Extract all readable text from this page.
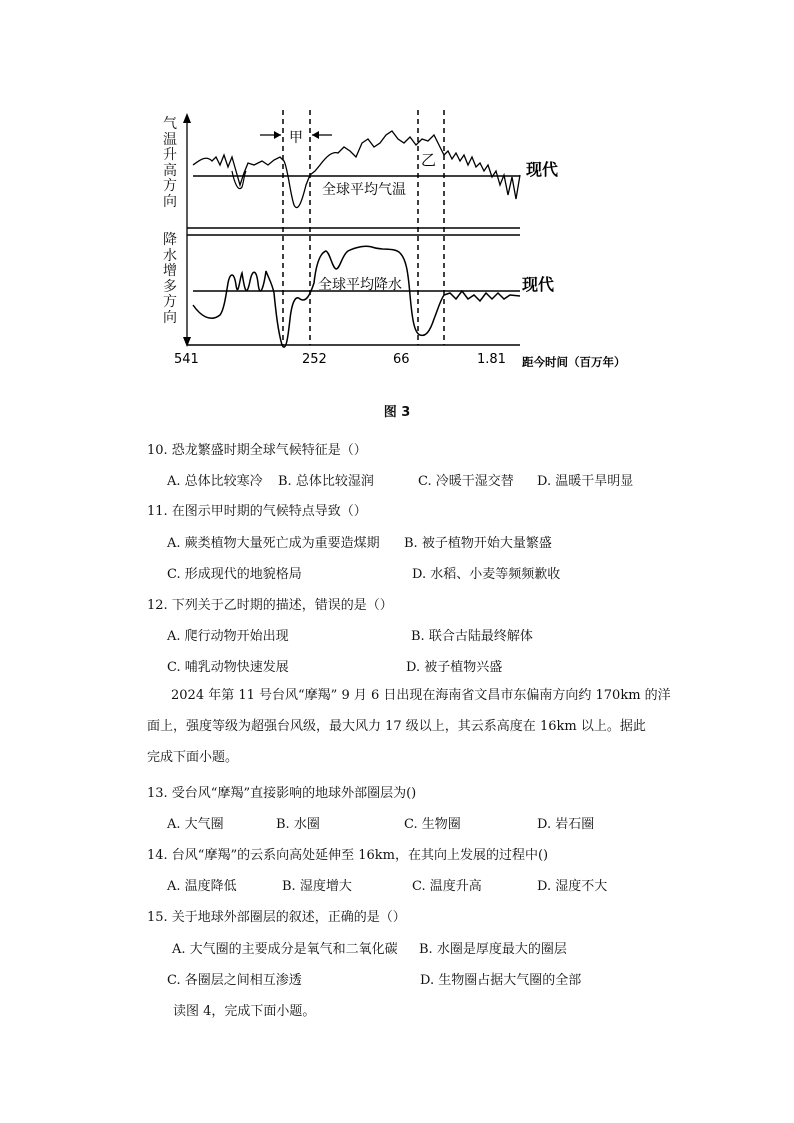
气温升高方向
降水增多方向
甲
乙
全球平均气温
全球平均降水
现代
现代
541	252	66	1.81 距今时间（百万年）
图 3
10. 恐龙繁盛时期全球气候特征是（）
A. 总体比较寒冷 B. 总体比较湿润	C. 冷暖干湿交替 D. 温暖干旱明显
11. 在图示甲时期的气候特点导致（）
A. 蕨类植物大量死亡成为重要造煤期 B. 被子植物开始大量繁盛
C. 形成现代的地貌格局	D. 水稻、小麦等频频歉收
12. 下列关于乙时期的描述，错误的是（）
A. 爬行动物开始出现	B. 联合古陆最终解体
C. 哺乳动物快速发展	D. 被子植物兴盛
2024 年第 11 号台风“摩羯” 9 月 6 日出现在海南省文昌市东偏南方向约 170km 的洋
面上，强度等级为超强台风级，最大风力 17 级以上，其云系高度在 16km 以上。据此
完成下面小题。
13. 受台风“摩羯”直接影响的地球外部圈层为()
A. 大气圈	B. 水圈	C. 生物圈	D. 岩石圈
14. 台风“摩羯”的云系向高处延伸至 16km，在其向上发展的过程中()
A. 温度降低	B. 湿度增大	C. 温度升高	D. 湿度不大
15. 关于地球外部圈层的叙述，正确的是（）
A. 大气圈的主要成分是氧气和二氧化碳 B. 水圈是厚度最大的圈层
C. 各圈层之间相互渗透	D. 生物圈占据大气圈的全部
读图 4，完成下面小题。
